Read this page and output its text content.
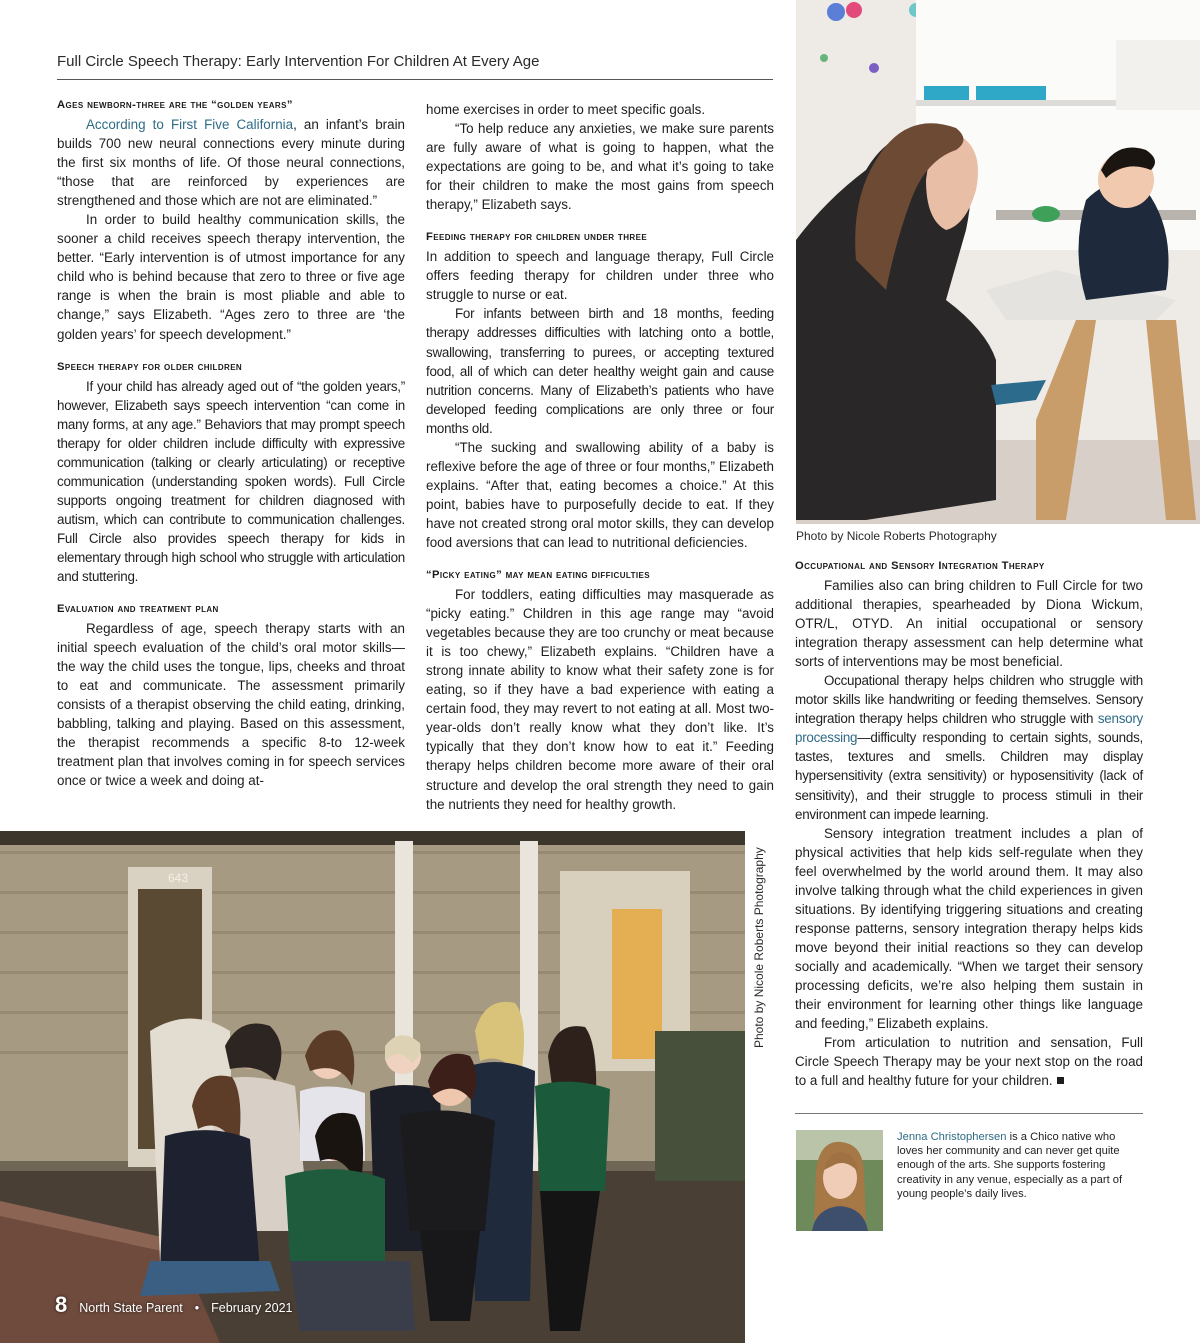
Full Circle Speech Therapy: Early Intervention For Children At Every Age
Ages newborn-three are the “golden years”

According to First Five California, an infant’s brain builds 700 new neural connections every minute during the first six months of life. Of those neural connections, “those that are reinforced by experiences are strengthened and those which are not are eliminated.”

In order to build healthy communication skills, the sooner a child receives speech therapy intervention, the better. “Early intervention is of utmost importance for any child who is behind because that zero to three or five age range is when the brain is most pliable and able to change,” says Elizabeth. “Ages zero to three are ‘the golden years’ for speech development.”

Speech therapy for older children

If your child has already aged out of “the golden years,” however, Elizabeth says speech intervention “can come in many forms, at any age.” Behaviors that may prompt speech therapy for older children include difficulty with expressive communication (talking or clearly articulating) or receptive communication (understanding spoken words). Full Circle supports ongoing treatment for children diagnosed with autism, which can contribute to communication challenges. Full Circle also provides speech therapy for kids in elementary through high school who struggle with articulation and stuttering.

Evaluation and treatment plan

Regardless of age, speech therapy starts with an initial speech evaluation of the child’s oral motor skills—the way the child uses the tongue, lips, cheeks and throat to eat and communicate. The assessment primarily consists of a therapist observing the child eating, drinking, babbling, talking and playing. Based on this assessment, the therapist recommends a specific 8-to 12-week treatment plan that involves coming in for speech services once or twice a week and doing at-

home exercises in order to meet specific goals.

“To help reduce any anxieties, we make sure parents are fully aware of what is going to happen, what the expectations are going to be, and what it’s going to take for their children to make the most gains from speech therapy,” Elizabeth says.

Feeding therapy for children under three

In addition to speech and language therapy, Full Circle offers feeding therapy for children under three who struggle to nurse or eat.

For infants between birth and 18 months, feeding therapy addresses difficulties with latching onto a bottle, swallowing, transferring to purees, or accepting textured food, all of which can deter healthy weight gain and cause nutrition concerns. Many of Elizabeth’s patients who have developed feeding complications are only three or four months old.

“The sucking and swallowing ability of a baby is reflexive before the age of three or four months,” Elizabeth explains. “After that, eating becomes a choice.” At this point, babies have to purposefully decide to eat. If they have not created strong oral motor skills, they can develop food aversions that can lead to nutritional deficiencies.

“Picky eating” may mean eating difficulties

For toddlers, eating difficulties may masquerade as “picky eating.” Children in this age range may “avoid vegetables because they are too crunchy or meat because it is too chewy,” Elizabeth explains. “Children have a strong innate ability to know what their safety zone is for eating, so if they have a bad experience with eating a certain food, they may revert to not eating at all. Most two-year-olds don’t really know what they don’t like. It’s typically that they don’t know how to eat it.” Feeding therapy helps children become more aware of their oral structure and develop the oral strength they need to gain the nutrients they need for healthy growth.

Photo by Nicole Roberts Photography
Occupational and Sensory Integration Therapy

Families also can bring children to Full Circle for two additional therapies, spearheaded by Diona Wickum, OTR/L, OTYD. An initial occupational or sensory integration therapy assessment can help determine what sorts of interventions may be most beneficial.

Occupational therapy helps children who struggle with motor skills like handwriting or feeding themselves. Sensory integration therapy helps children who struggle with sensory processing—difficulty responding to certain sights, sounds, tastes, textures and smells. Children may display hypersensitivity (extra sensitivity) or hyposensitivity (lack of sensitivity), and their struggle to process stimuli in their environment can impede learning.

Sensory integration treatment includes a plan of physical activities that help kids self-regulate when they feel overwhelmed by the world around them. It may also involve talking through what the child experiences in given situations. By identifying triggering situations and creating response patterns, sensory integration therapy helps kids move beyond their initial reactions so they can develop socially and academically. “When we target their sensory processing deficits, we’re also helping them sustain in their environment for learning other things like language and feeding,” Elizabeth explains.

From articulation to nutrition and sensation, Full Circle Speech Therapy may be your next stop on the road to a full and healthy future for your children.

643	Photo by Nicole Roberts Photography
Jenna Christophersen is a Chico native who loves her community and can never get quite enough of the arts. She supports fostering creativity in any venue, especially as a part of young people’s daily lives.
8 North State Parent • February 2021
